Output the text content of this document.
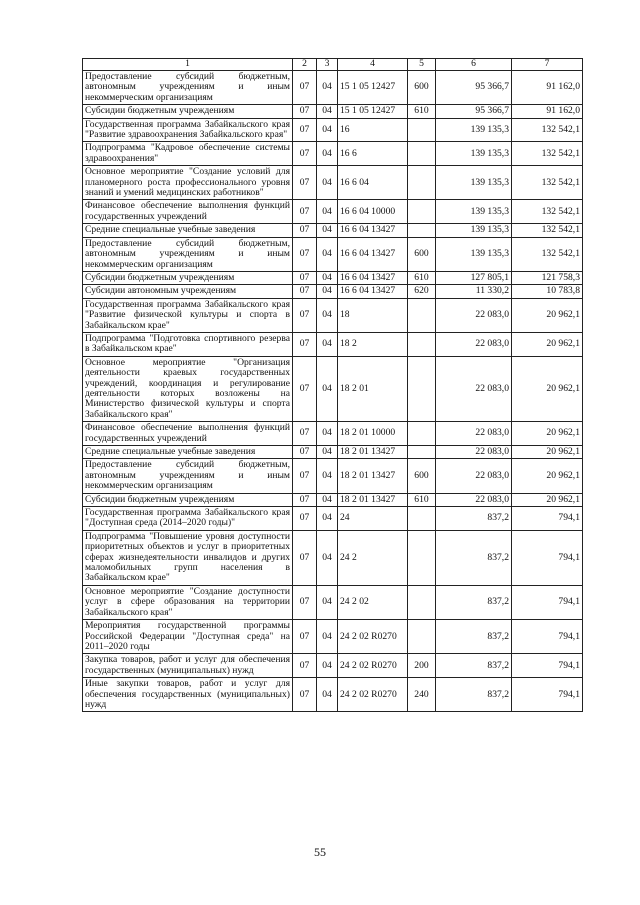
1	2	3	4	5	6	7
Предоставление субсидий бюджетным, автономным учреждениям и иным некоммерческим организациям	07	04	15 1 05 12427	600	95 366,7	91 162,0
Субсидии бюджетным учреждениям	07	04	15 1 05 12427	610	95 366,7	91 162,0
Государственная программа Забайкальского края "Развитие здравоохранения Забайкальского края"	07	04	16		139 135,3	132 542,1
Подпрограмма "Кадровое обеспечение системы здравоохранения"	07	04	16 6		139 135,3	132 542,1
Основное мероприятие "Создание условий для планомерного роста профессионального уровня знаний и умений медицинских работников"	07	04	16 6 04		139 135,3	132 542,1
Финансовое обеспечение выполнения функций государственных учреждений	07	04	16 6 04 10000		139 135,3	132 542,1
Средние специальные учебные заведения	07	04	16 6 04 13427		139 135,3	132 542,1
Предоставление субсидий бюджетным, автономным учреждениям и иным некоммерческим организациям	07	04	16 6 04 13427	600	139 135,3	132 542,1
Субсидии бюджетным учреждениям	07	04	16 6 04 13427	610	127 805,1	121 758,3
Субсидии автономным учреждениям	07	04	16 6 04 13427	620	11 330,2	10 783,8
Государственная программа Забайкальского края "Развитие физической культуры и спорта в Забайкальском крае"	07	04	18		22 083,0	20 962,1
Подпрограмма "Подготовка спортивного резерва в Забайкальском крае"	07	04	18 2		22 083,0	20 962,1
Основное мероприятие "Организация деятельности краевых государственных учреждений, координация и регулирование деятельности которых возложены на Министерство физической культуры и спорта Забайкальского края"	07	04	18 2 01		22 083,0	20 962,1
Финансовое обеспечение выполнения функций государственных учреждений	07	04	18 2 01 10000		22 083,0	20 962,1
Средние специальные учебные заведения	07	04	18 2 01 13427		22 083,0	20 962,1
Предоставление субсидий бюджетным, автономным учреждениям и иным некоммерческим организациям	07	04	18 2 01 13427	600	22 083,0	20 962,1
Субсидии бюджетным учреждениям	07	04	18 2 01 13427	610	22 083,0	20 962,1
Государственная программа Забайкальского края "Доступная среда (2014–2020 годы)"	07	04	24		837,2	794,1
Подпрограмма "Повышение уровня доступности приоритетных объектов и услуг в приоритетных сферах жизнедеятельности инвалидов и других маломобильных групп населения в Забайкальском крае"	07	04	24 2		837,2	794,1
Основное мероприятие "Создание доступности услуг в сфере образования на территории Забайкальского края"	07	04	24 2 02		837,2	794,1
Мероприятия государственной программы Российской Федерации "Доступная среда" на 2011–2020 годы	07	04	24 2 02 R0270		837,2	794,1
Закупка товаров, работ и услуг для обеспечения государственных (муниципальных) нужд	07	04	24 2 02 R0270	200	837,2	794,1
Иные закупки товаров, работ и услуг для обеспечения государственных (муниципальных) нужд	07	04	24 2 02 R0270	240	837,2	794,1
55
